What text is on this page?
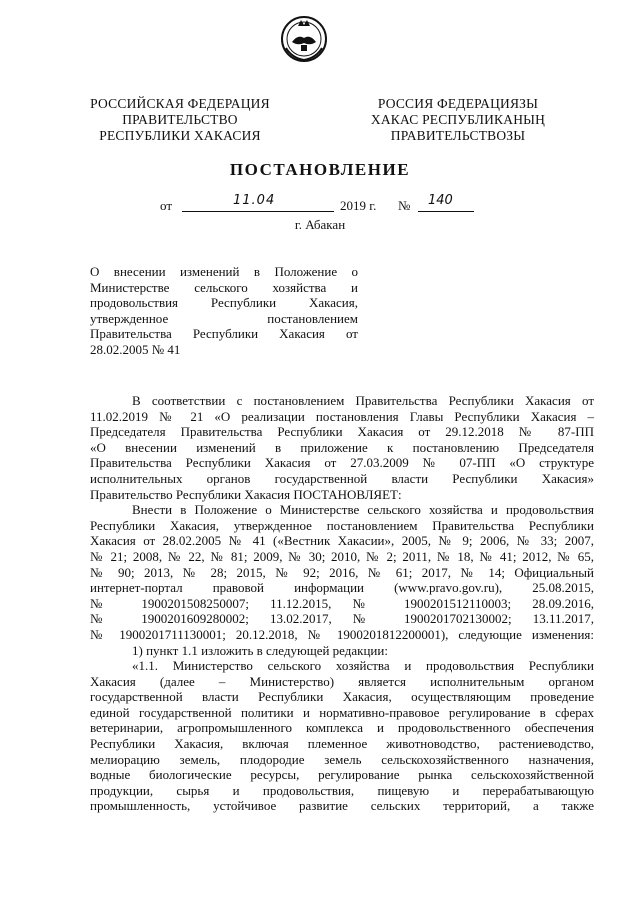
РОССИЙСКАЯ ФЕДЕРАЦИЯ
ПРАВИТЕЛЬСТВО
РЕСПУБЛИКИ ХАКАСИЯ
РОССИЯ ФЕДЕРАЦИЯЗЫ
ХАКАС РЕСПУБЛИКАНЫҢ
ПРАВИТЕЛЬСТВОЗЫ
ПОСТАНОВЛЕНИЕ
от	11.04	2019 г. № 140
г. Абакан
О внесении изменений в Положение о
Министерстве сельского хозяйства и
продовольствия Республики Хакасия,
утвержденное постановлением
Правительства Республики Хакасия от
28.02.2005 № 41
В соответствии с постановлением Правительства Республики Хакасия от
11.02.2019 № 21 «О реализации постановления Главы Республики Хакасия –
Председателя Правительства Республики Хакасия от 29.12.2018 № 87-ПП
«О внесении изменений в приложение к постановлению Председателя
Правительства Республики Хакасия от 27.03.2009 № 07-ПП «О структуре
исполнительных органов государственной власти Республики Хакасия»
Правительство Республики Хакасия ПОСТАНОВЛЯЕТ:
Внести в Положение о Министерстве сельского хозяйства и продовольствия
Республики Хакасия, утвержденное постановлением Правительства Республики
Хакасия от 28.02.2005 № 41 («Вестник Хакасии», 2005, № 9; 2006, № 33; 2007,
№ 21; 2008, № 22, № 81; 2009, № 30; 2010, № 2; 2011, № 18, № 41; 2012, № 65,
№ 90; 2013, № 28; 2015, № 92; 2016, № 61; 2017, № 14; Официальный
интернет-портал правовой информации (www.pravo.gov.ru), 25.08.2015,
№ 1900201508250007; 11.12.2015, № 1900201512110003; 28.09.2016,
№ 1900201609280002; 13.02.2017, № 1900201702130002; 13.11.2017,
№ 1900201711130001; 20.12.2018, № 1900201812200001), следующие изменения:
1) пункт 1.1 изложить в следующей редакции:
«1.1. Министерство сельского хозяйства и продовольствия Республики
Хакасия (далее – Министерство) является исполнительным органом
государственной власти Республики Хакасия, осуществляющим проведение
единой государственной политики и нормативно-правовое регулирование в сферах
ветеринарии, агропромышленного комплекса и продовольственного обеспечения
Республики Хакасия, включая племенное животноводство, растениеводство,
мелиорацию земель, плодородие земель сельскохозяйственного назначения,
водные биологические ресурсы, регулирование рынка сельскохозяйственной
продукции, сырья и продовольствия, пищевую и перерабатывающую
промышленность, устойчивое развитие сельских территорий, а также
